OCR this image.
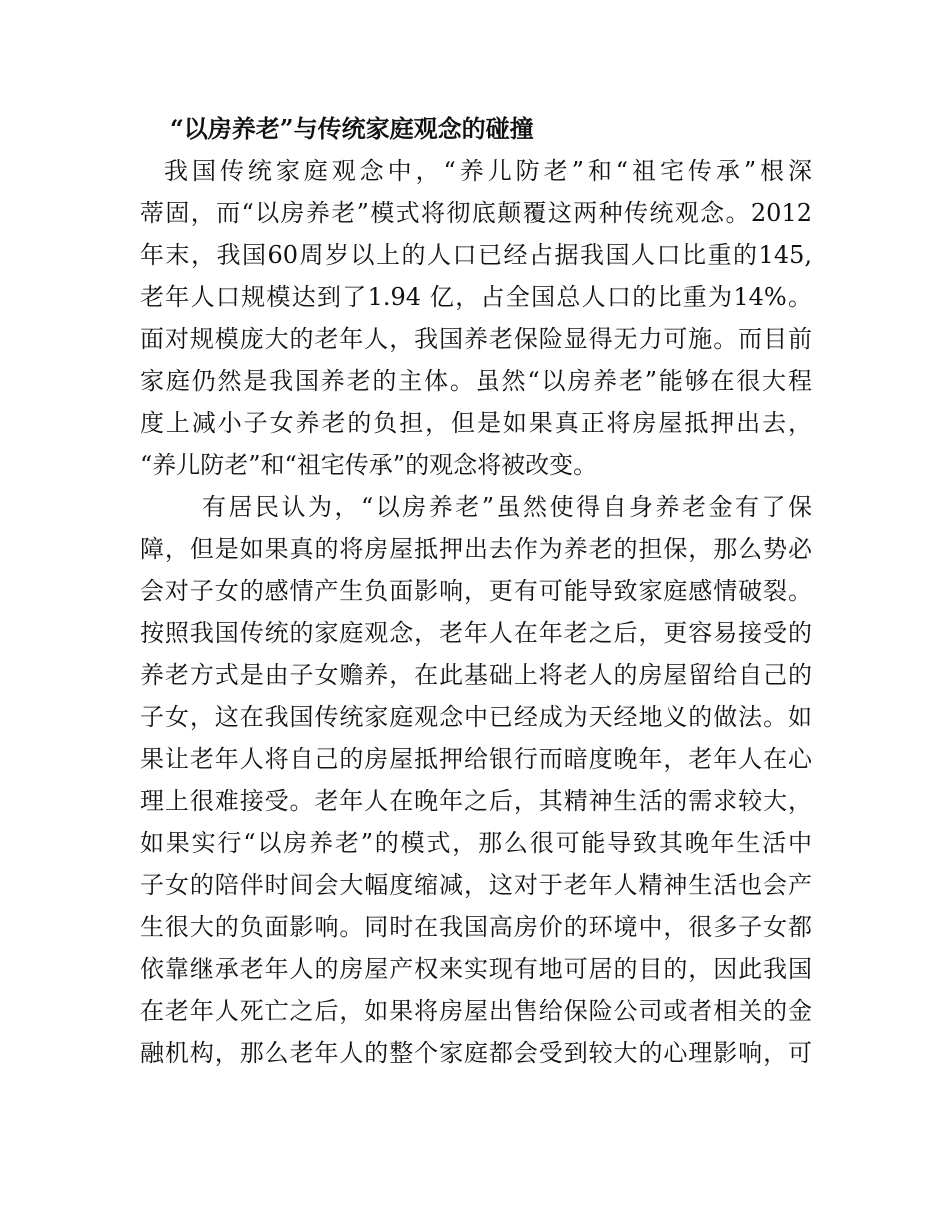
“以房养老”与传统家庭观念的碰撞
我国传统家庭观念中，“养儿防老”和“祖宅传承”根深
蒂固，而“以房养老”模式将彻底颠覆这两种传统观念。2012
年末，我国60周岁以上的人口已经占据我国人口比重的145,
老年人口规模达到了1.94 亿，占全国总人口的比重为14%。
面对规模庞大的老年人，我国养老保险显得无力可施。而目前
家庭仍然是我国养老的主体。虽然“以房养老”能够在很大程
度上减小子女养老的负担，但是如果真正将房屋抵押出去，
“养儿防老”和“祖宅传承”的观念将被改变。
有居民认为，“以房养老”虽然使得自身养老金有了保
障，但是如果真的将房屋抵押出去作为养老的担保，那么势必
会对子女的感情产生负面影响，更有可能导致家庭感情破裂。
按照我国传统的家庭观念，老年人在年老之后，更容易接受的
养老方式是由子女赡养，在此基础上将老人的房屋留给自己的
子女，这在我国传统家庭观念中已经成为天经地义的做法。如
果让老年人将自己的房屋抵押给银行而暗度晚年，老年人在心
理上很难接受。老年人在晚年之后，其精神生活的需求较大，
如果实行“以房养老”的模式，那么很可能导致其晚年生活中
子女的陪伴时间会大幅度缩减，这对于老年人精神生活也会产
生很大的负面影响。同时在我国高房价的环境中，很多子女都
依靠继承老年人的房屋产权来实现有地可居的目的，因此我国
在老年人死亡之后，如果将房屋出售给保险公司或者相关的金
融机构，那么老年人的整个家庭都会受到较大的心理影响，可
